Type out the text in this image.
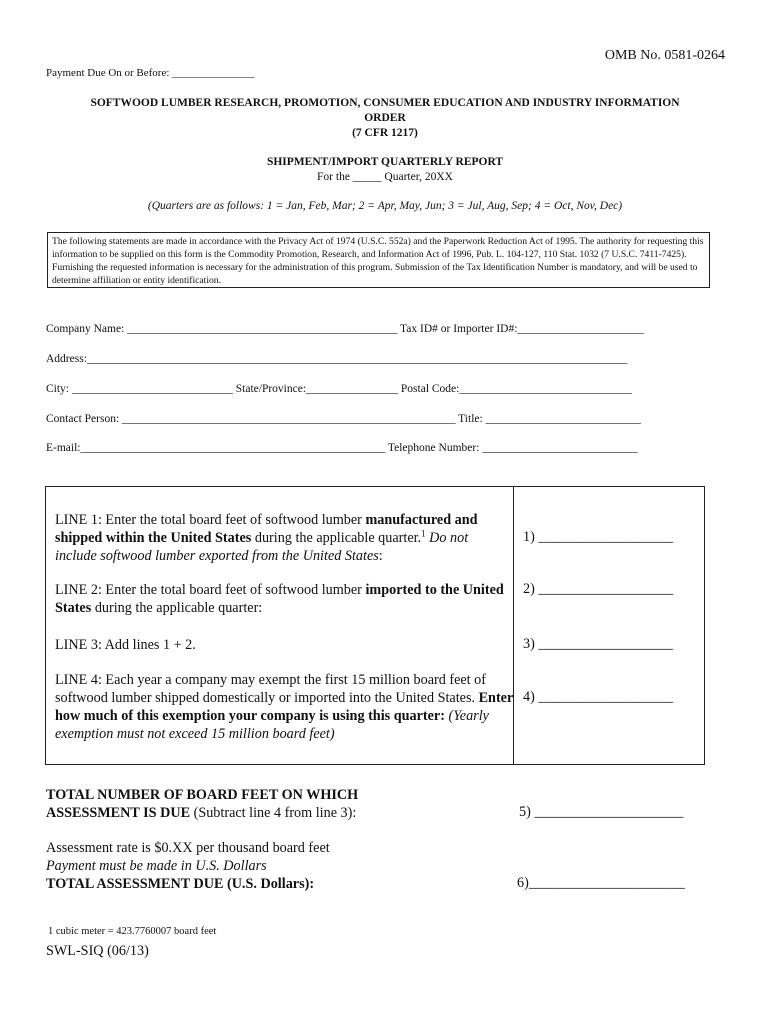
OMB No. 0581-0264
Payment Due On or Before: _______________
SOFTWOOD LUMBER RESEARCH, PROMOTION, CONSUMER EDUCATION AND INDUSTRY INFORMATION
ORDER
(7 CFR 1217)
SHIPMENT/IMPORT QUARTERLY REPORT
For the _____ Quarter, 20XX
(Quarters are as follows: 1 = Jan, Feb, Mar; 2 = Apr, May, Jun; 3 = Jul, Aug, Sep; 4 = Oct, Nov, Dec)
The following statements are made in accordance with the Privacy Act of 1974 (U.S.C. 552a) and the Paperwork Reduction Act of 1995. The authority for requesting this information to be supplied on this form is the Commodity Promotion, Research, and Information Act of 1996, Pub. L. 104-127, 110 Stat. 1032 (7 U.S.C. 7411-7425). Furnishing the requested information is necessary for the administration of this program. Submission of the Tax Identification Number is mandatory, and will be used to determine affiliation or entity identification.
Company Name: _______________________________________________ Tax ID# or Importer ID#:______________________
Address:______________________________________________________________________________________________
City: ____________________________ State/Province:________________ Postal Code:______________________________
Contact Person: __________________________________________________________ Title: ___________________________
E-mail:_____________________________________________________ Telephone Number: ___________________________
LINE 1: Enter the total board feet of softwood lumber manufactured and shipped within the United States during the applicable quarter.$^1$ Do not include softwood lumber exported from the United States:
LINE 2: Enter the total board feet of softwood lumber imported to the United States during the applicable quarter:
LINE 3: Add lines 1 + 2.
LINE 4: Each year a company may exempt the first 15 million board feet of softwood lumber shipped domestically or imported into the United States. Enter how much of this exemption your company is using this quarter: (Yearly exemption must not exceed 15 million board feet)
1) ___________________
2) ___________________
3) ___________________
4) ___________________
TOTAL NUMBER OF BOARD FEET ON WHICH
ASSESSMENT IS DUE (Subtract line 4 from line 3):	5) _____________________
Assessment rate is $0.XX per thousand board feet
Payment must be made in U.S. Dollars
TOTAL ASSESSMENT DUE (U.S. Dollars):	6)______________________
1 cubic meter = 423.7760007 board feet
SWL-SIQ (06/13)
